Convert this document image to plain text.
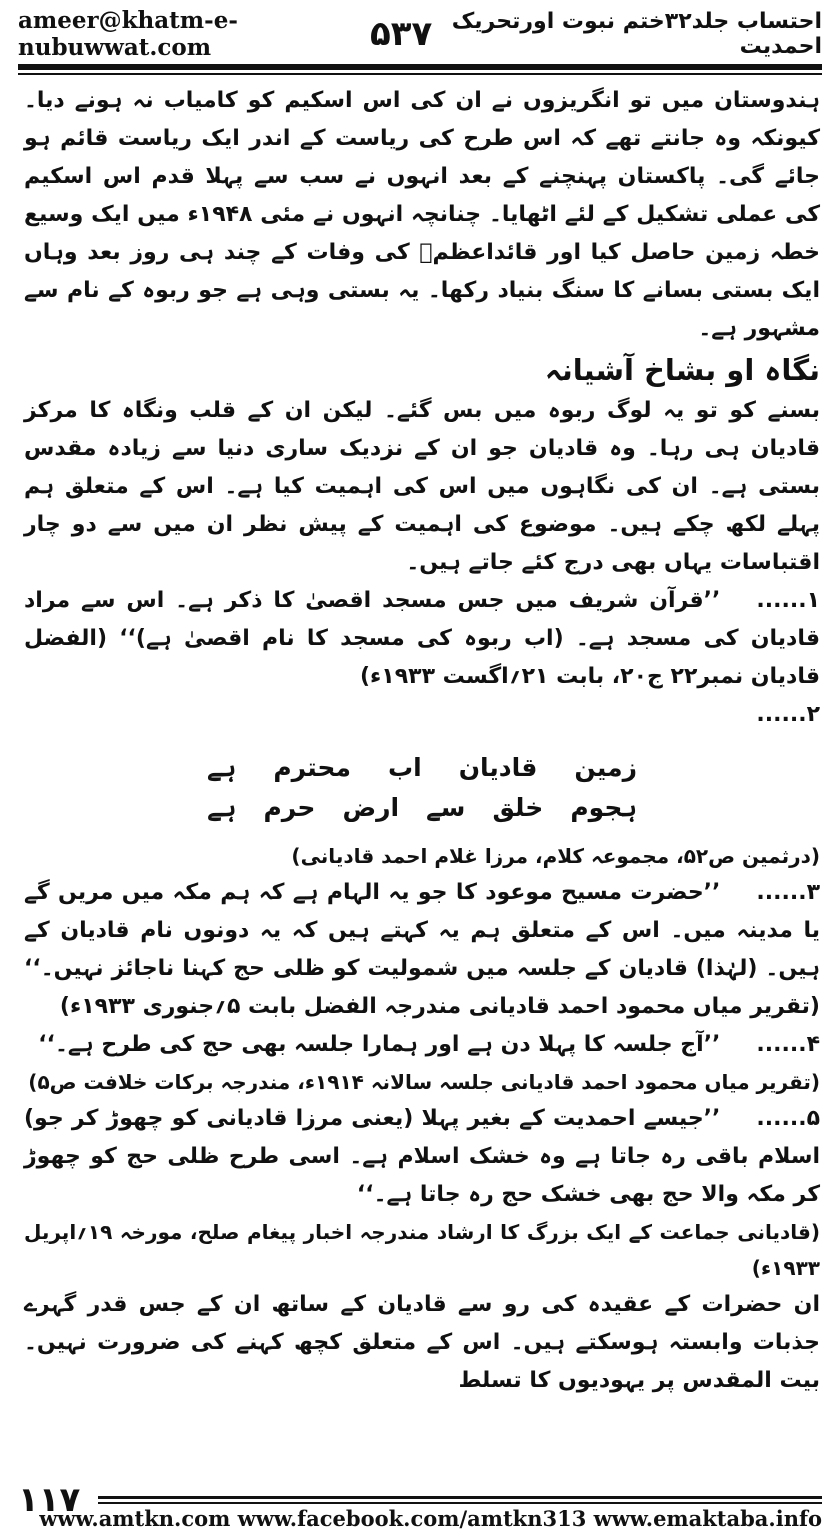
ameer@khatm-e-nubuwwat.com	۵۳۷ احتساب جلد۳۲ختم نبوت اورتحریک احمدیت

ہندوستان میں تو انگریزوں نے ان کی اس اسکیم کو کامیاب نہ ہونے دیا۔ کیونکہ وہ جانتے تھے کہ اس طرح کی ریاست کے اندر ایک ریاست قائم ہو جائے گی۔ پاکستان پہنچنے کے بعد انہوں نے سب سے پہلا قدم اس اسکیم کی عملی تشکیل کے لئے اٹھایا۔ چنانچہ انہوں نے مئی ۱۹۴۸ء میں ایک وسیع خطہ زمین حاصل کیا اور قائداعظمؒ کی وفات کے چند ہی روز بعد وہاں ایک بستی بسانے کا سنگ بنیاد رکھا۔ یہ بستی وہی ہے جو ربوہ کے نام سے مشہور ہے۔

نگاہ او بشاخ آشیانہ

بسنے کو تو یہ لوگ ربوہ میں بس گئے۔ لیکن ان کے قلب ونگاہ کا مرکز قادیان ہی رہا۔ وہ قادیان جو ان کے نزدیک ساری دنیا سے زیادہ مقدس بستی ہے۔ ان کی نگاہوں میں اس کی اہمیت کیا ہے۔ اس کے متعلق ہم پہلے لکھ چکے ہیں۔ موضوع کی اہمیت کے پیش نظر ان میں سے دو چار اقتباسات یہاں بھی درج کئے جاتے ہیں۔

۱......’’قرآن شریف میں جس مسجد اقصیٰ کا ذکر ہے۔ اس سے مراد قادیان کی مسجد ہے۔ (اب ربوہ کی مسجد کا نام اقصیٰ ہے)‘‘ (الفضل قادیان نمبر۲۲ ج۲۰، بابت ۲۱؍اگست ۱۹۳۳ء)

۲......

زمین
قادیان
اب
محترم
ہے
ہجوم
خلق
سے
ارض
حرم
ہے

(درثمین ص۵۲، مجموعہ کلام، مرزا غلام احمد قادیانی)

۳......’’حضرت مسیح موعود کا جو یہ الہام ہے کہ ہم مکہ میں مریں گے یا مدینہ میں۔ اس کے متعلق ہم یہ کہتے ہیں کہ یہ دونوں نام قادیان کے ہیں۔ (لہٰذا) قادیان کے جلسہ میں شمولیت کو ظلی حج کہنا ناجائز نہیں۔‘‘ (تقریر میاں محمود احمد قادیانی مندرجہ الفضل بابت ۵؍جنوری ۱۹۳۳ء)

۴......’’آج جلسہ کا پہلا دن ہے اور ہمارا جلسہ بھی حج کی طرح ہے۔‘‘

(تقریر میاں محمود احمد قادیانی جلسہ سالانہ ۱۹۱۴ء، مندرجہ برکات خلافت ص۵)

۵......’’جیسے احمدیت کے بغیر پہلا (یعنی مرزا قادیانی کو چھوڑ کر جو) اسلام باقی رہ جاتا ہے وہ خشک اسلام ہے۔ اسی طرح ظلی حج کو چھوڑ کر مکہ والا حج بھی خشک حج رہ جاتا ہے۔‘‘

(قادیانی جماعت کے ایک بزرگ کا ارشاد مندرجہ اخبار پیغام صلح، مورخہ ۱۹؍اپریل ۱۹۳۳ء)

ان حضرات کے عقیدہ کی رو سے قادیان کے ساتھ ان کے جس قدر گہرے جذبات وابستہ ہوسکتے ہیں۔ اس کے متعلق کچھ کہنے کی ضرورت نہیں۔ بیت المقدس پر یہودیوں کا تسلط

۱۱۷
www.amtkn.com www.facebook.com/amtkn313 www.emaktaba.info
